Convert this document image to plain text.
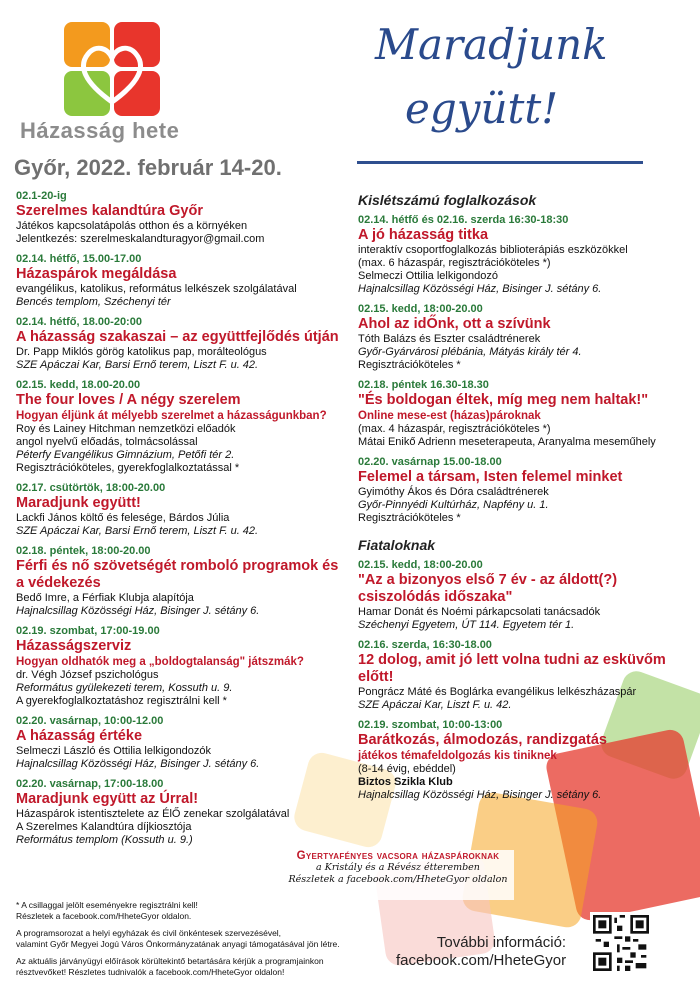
Házasság hete
Maradjunk
együtt!
Győr, 2022. február 14-20.
02.1-20-ig
Szerelmes kalandtúra Győr
Játékos kapcsolatápolás otthon és a környéken
Jelentkezés: szerelmeskalandturagyor@gmail.com
02.14. hétfő, 15.00-17.00
Házaspárok megáldása
evangélikus, katolikus, református lelkészek szolgálatával
Bencés templom, Széchenyi tér
02.14. hétfő, 18.00-20:00
A házasság szakaszai – az együttfejlődés útján
Dr. Papp Miklós görög katolikus pap, morálteológus
SZE Apáczai Kar, Barsi Ernő terem, Liszt F. u. 42.
02.15. kedd, 18.00-20.00
The four loves / A négy szerelem
Hogyan éljünk át mélyebb szerelmet a házasságunkban?
Roy és Lainey Hitchman nemzetközi előadók
angol nyelvű előadás, tolmácsolással
Péterfy Evangélikus Gimnázium, Petőfi tér 2.
Regisztrációköteles, gyerekfoglalkoztatással *
02.17. csütörtök, 18:00-20.00
Maradjunk együtt!
Lackfi János költő és felesége, Bárdos Júlia
SZE Apáczai Kar, Barsi Ernő terem, Liszt F. u. 42.
02.18. péntek, 18:00-20.00
Férfi és nő szövetségét romboló programok és a védekezés
Bedő Imre, a Férfiak Klubja alapítója
Hajnalcsillag Közösségi Ház, Bisinger J. sétány 6.
02.19. szombat, 17:00-19.00
Házasságszerviz
Hogyan oldhatók meg a „boldogtalanság" játszmák?
dr. Végh József pszichológus
Református gyülekezeti terem, Kossuth u. 9.
A gyerekfoglalkoztatáshoz regisztrálni kell *
02.20. vasárnap, 10:00-12.00
A házasság értéke
Selmeczi László és Ottilia lelkigondozók
Hajnalcsillag Közösségi Ház, Bisinger J. sétány 6.
02.20. vasárnap, 17:00-18.00
Maradjunk együtt az Úrral!
Házaspárok istentisztelete az ÉlŐ zenekar szolgálatával
A Szerelmes Kalandtúra díjkiosztója
Református templom (Kossuth u. 9.)
Kislétszámú foglalkozások
02.14. hétfő és 02.16. szerda 16:30-18:30
A jó házasság titka
interaktív csoportfoglalkozás biblioterápiás eszközökkel
(max. 6 házaspár, regisztrációköteles *)
Selmeczi Ottilia lelkigondozó
Hajnalcsillag Közösségi Ház, Bisinger J. sétány 6.
02.15. kedd, 18:00-20.00
Ahol az idŐnk, ott a szívünk
Tóth Balázs és Eszter családtrénerek
Győr-Gyárvárosi plébánia, Mátyás király tér 4.
Regisztrációköteles *
02.18. péntek 16.30-18.30
"És boldogan éltek, míg meg nem haltak!"
Online mese-est (házas)pároknak
(max. 4 házaspár, regisztrációköteles *)
Mátai Enikő Adrienn meseterapeuta, Aranyalma meseműhely
02.20. vasárnap 15.00-18.00
Felemel a társam, Isten felemel minket
Gyimóthy Ákos és Dóra családtrénerek
Győr-Pinnyédi Kultúrház, Napfény u. 1.
Regisztrációköteles *
Fiataloknak
02.15. kedd, 18:00-20.00
"Az a bizonyos első 7 év - az áldott(?) csiszolódás időszaka"
Hamar Donát és Noémi párkapcsolati tanácsadók
Széchenyi Egyetem, ÚT 114. Egyetem tér 1.
02.16. szerda, 16:30-18.00
12 dolog, amit jó lett volna tudni az esküvőm előtt!
Pongrácz Máté és Boglárka evangélikus lelkészházaspár
SZE Apáczai Kar, Liszt F. u. 42.
02.19. szombat, 10:00-13:00
Barátkozás, álmodozás, randizgatás
játékos témafeldolgozás kis tiniknek
(8-14 évig, ebéddel)
Biztos Szikla Klub
Hajnalcsillag Közösségi Ház, Bisinger J. sétány 6.
Gyertyafényes vacsora házaspároknak
a Kristály és a Révész étteremben
Részletek a facebook.com/HheteGyor oldalon
* A csillaggal jelölt eseményekre regisztrálni kell!
Részletek a facebook.com/HheteGyor oldalon.
A programsorozat a helyi egyházak és civil önkéntesek szervezésével,
valamint Győr Megyei Jogú Város Önkormányzatának anyagi támogatásával jön létre.
Az aktuális járványügyi előírások körültekintő betartására kérjük a programjainkon
résztvevőket! Részletes tudnivalók a facebook.com/HheteGyor oldalon!
További információ:
facebook.com/HheteGyor
